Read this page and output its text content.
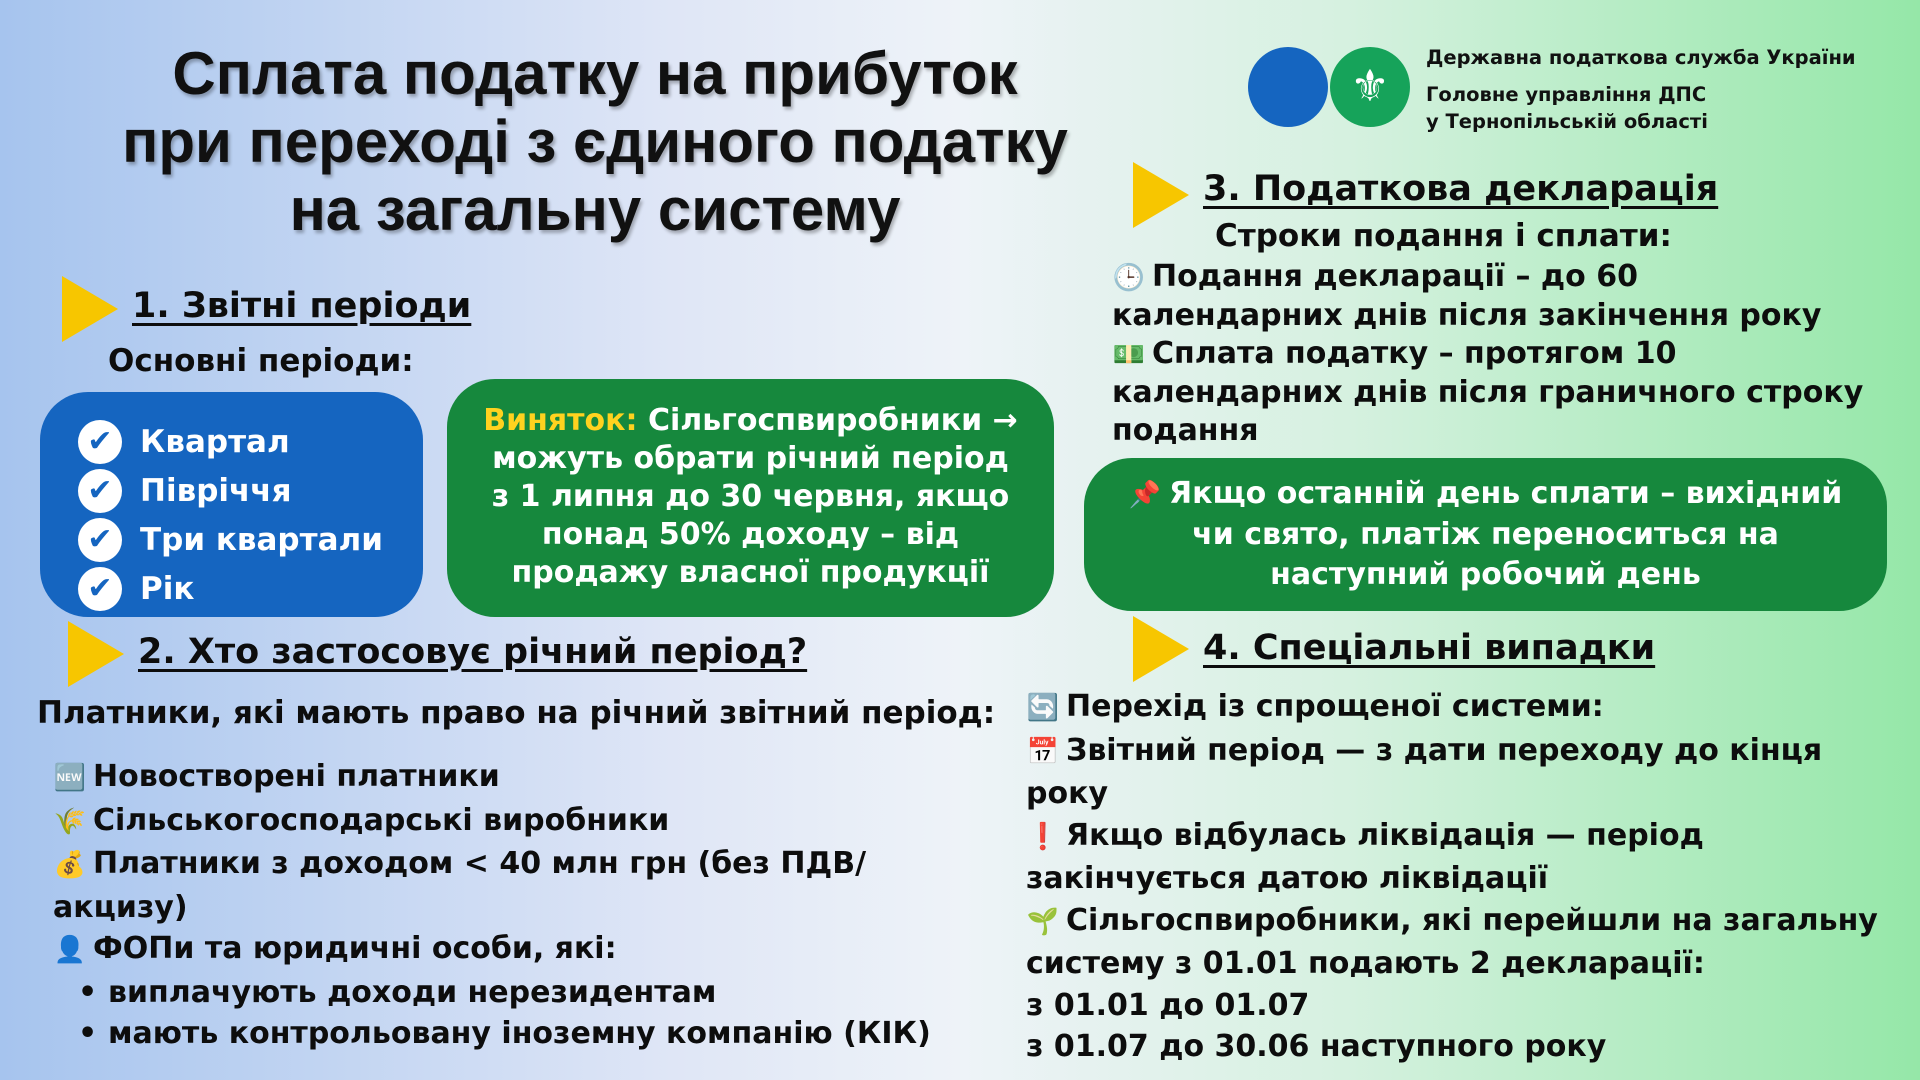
Сплата податку на прибуток
при переході з єдиного податку
на загальну систему
⚜
Державна податкова служба України
Головне управління ДПС
у Тернопільській області
1. Звітні періоди
Основні періоди:
✔ Квартал
✔ Півріччя
✔ Три квартали
✔ Рік
Виняток: Сільгоспвиробники →
можуть обрати річний період
з 1 липня до 30 червня, якщо
понад 50% доходу – від
продажу власної продукції
2. Хто застосовує річний період?
Платники, які мають право на річний звітний період:
🆕 Новостворені платники
🌾 Сільськогосподарські виробники
💰 Платники з доходом < 40 млн грн (без ПДВ/
акцизу)
👤 ФОПи та юридичні особи, які:
• виплачують доходи нерезидентам
• мають контрольовану іноземну компанію (КІК)
3. Податкова декларація
Строки подання і сплати:
🕒 Подання декларації – до 60
календарних днів після закінчення року
💵 Сплата податку – протягом 10
календарних днів після граничного строку
подання
📌 Якщо останній день сплати – вихідний
чи свято, платіж переноситься на
наступний робочий день
4. Спеціальні випадки
🔄 Перехід із спрощеної системи:
📅 Звітний період — з дати переходу до кінця
року
❗ Якщо відбулась ліквідація — період
закінчується датою ліквідації
🌱 Сільгоспвиробники, які перейшли на загальну
систему з 01.01 подають 2 декларації:
з 01.01 до 01.07
з 01.07 до 30.06 наступного року
